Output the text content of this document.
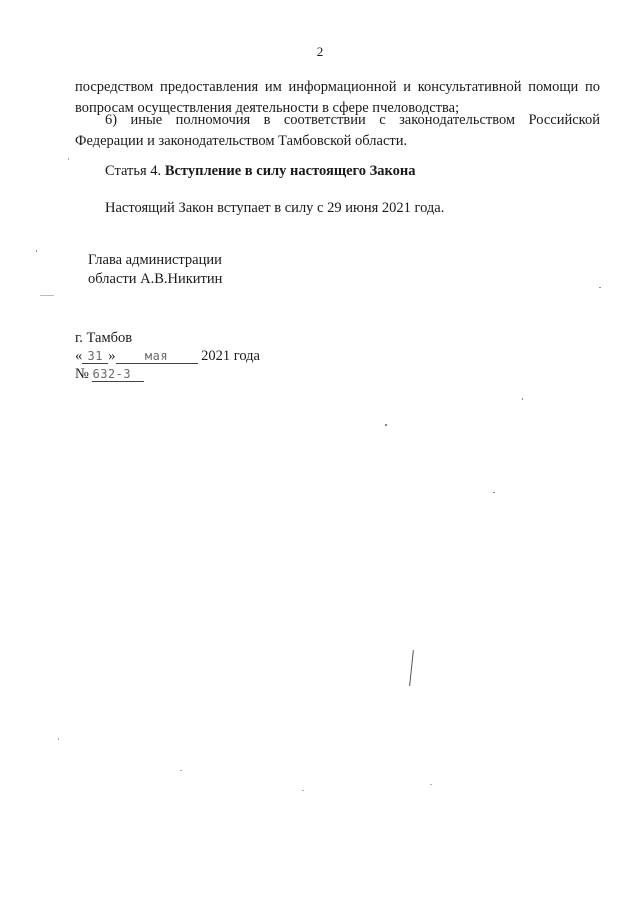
2
посредством предоставления им информационной и консультативной помощи по вопросам осуществления деятельности в сфере пчеловодства;
6) иные полномочия в соответствии с законодательством Российской Федерации и законодательством Тамбовской области.
Статья 4. Вступление в силу настоящего Закона
Настоящий Закон вступает в силу с 29 июня 2021 года.
Глава администрации
области А.В.Никитин
г. Тамбов
« 31 » мая 2021 года
№ 632-З
